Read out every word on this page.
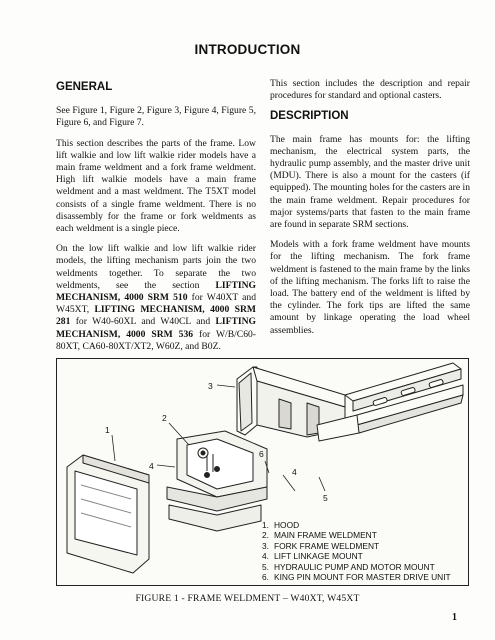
INTRODUCTION
GENERAL

See Figure 1, Figure 2, Figure 3, Figure 4, Figure 5, Figure 6, and Figure 7.

This section describes the parts of the frame. Low lift walkie and low lift walkie rider models have a main frame weldment and a fork frame weldment. High lift walkie models have a main frame weldment and a mast weldment. The T5XT model consists of a single frame weldment. There is no disassembly for the frame or fork weldments as each weldment is a single piece.

On the low lift walkie and low lift walkie rider models, the lifting mechanism parts join the two weldments together. To separate the two weldments, see the section LIFTING MECHANISM, 4000 SRM 510 for W40XT and W45XT, LIFTING MECHANISM, 4000 SRM 281 for W40-60XL and W40CL and LIFTING MECHANISM, 4000 SRM 536 for W/B/C60-80XT, CA60-80XT/XT2, W60Z, and B0Z.

This section includes the description and repair procedures for standard and optional casters.

DESCRIPTION

The main frame has mounts for: the lifting mechanism, the electrical system parts, the hydraulic pump assembly, and the master drive unit (MDU). There is also a mount for the casters (if equipped). The mounting holes for the casters are in the main frame weldment. Repair procedures for major systems/parts that fasten to the main frame are found in separate SRM sections.

Models with a fork frame weldment have mounts for the lifting mechanism. The fork frame weldment is fastened to the main frame by the links of the lifting mechanism. The forks lift to raise the load. The battery end of the weldment is lifted by the cylinder. The fork tips are lifted the same amount by linkage operating the load wheel assemblies.

1
2
3
4
4
5
6
1. HOOD
2. MAIN FRAME WELDMENT
3. FORK FRAME WELDMENT
4. LIFT LINKAGE MOUNT
5. HYDRAULIC PUMP AND MOTOR MOUNT
6. KING PIN MOUNT FOR MASTER DRIVE UNIT
FIGURE 1 - FRAME WELDMENT – W40XT, W45XT
1
